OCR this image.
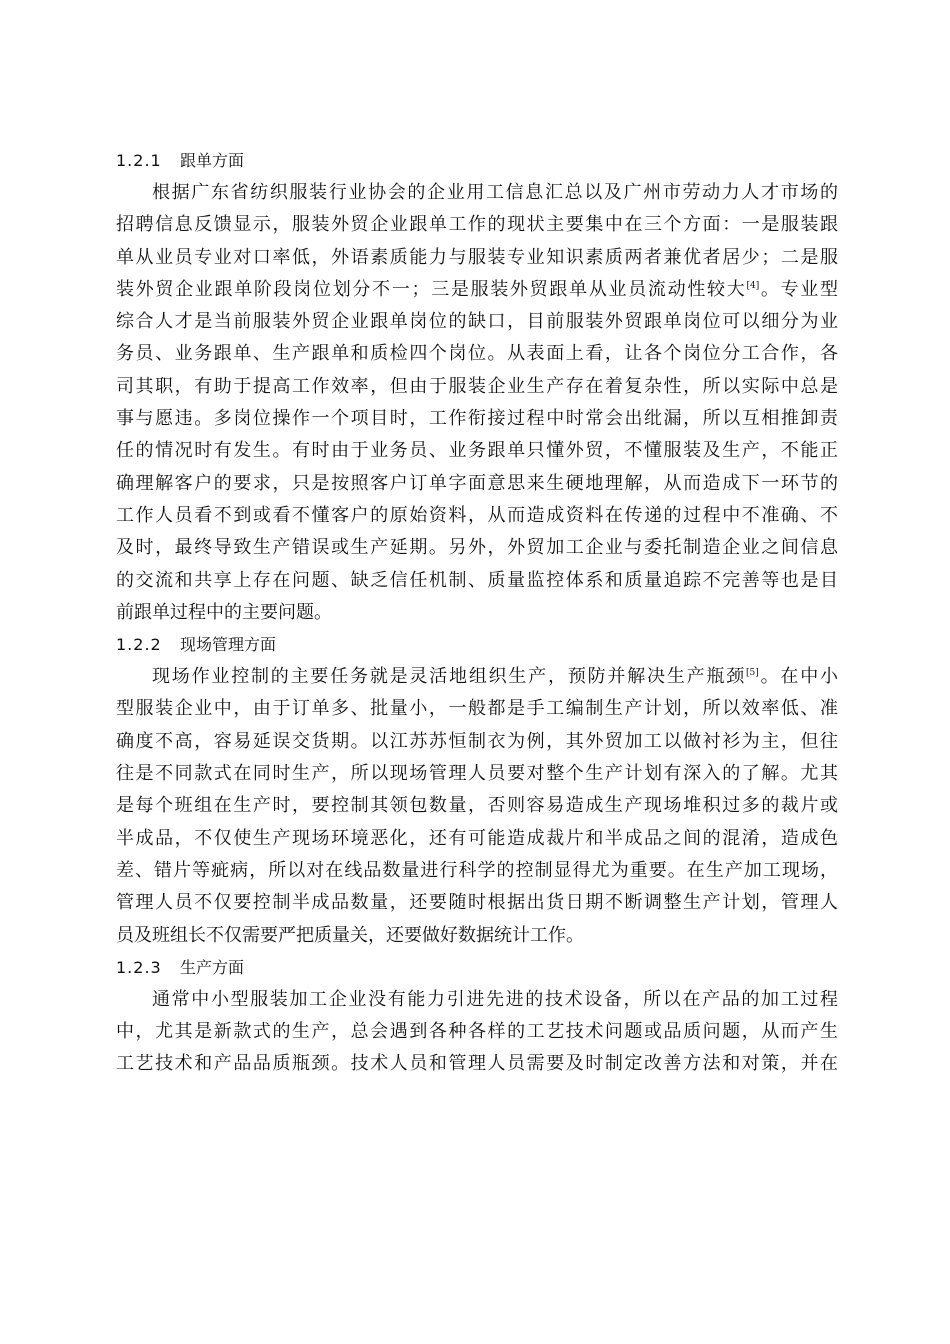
1.2.1 跟单方面
根据广东省纺织服装行业协会的企业用工信息汇总以及广州市劳动力人才市场的
招聘信息反馈显示，服装外贸企业跟单工作的现状主要集中在三个方面：一是服装跟
单从业员专业对口率低，外语素质能力与服装专业知识素质两者兼优者居少；二是服
装外贸企业跟单阶段岗位划分不一；三是服装外贸跟单从业员流动性较大[4]。专业型
综合人才是当前服装外贸企业跟单岗位的缺口，目前服装外贸跟单岗位可以细分为业
务员、业务跟单、生产跟单和质检四个岗位。从表面上看，让各个岗位分工合作，各
司其职，有助于提高工作效率，但由于服装企业生产存在着复杂性，所以实际中总是
事与愿违。多岗位操作一个项目时，工作衔接过程中时常会出纰漏，所以互相推卸责
任的情况时有发生。有时由于业务员、业务跟单只懂外贸，不懂服装及生产，不能正
确理解客户的要求，只是按照客户订单字面意思来生硬地理解，从而造成下一环节的
工作人员看不到或看不懂客户的原始资料，从而造成资料在传递的过程中不准确、不
及时，最终导致生产错误或生产延期。另外，外贸加工企业与委托制造企业之间信息
的交流和共享上存在问题、缺乏信任机制、质量监控体系和质量追踪不完善等也是目
前跟单过程中的主要问题。
1.2.2 现场管理方面
现场作业控制的主要任务就是灵活地组织生产，预防并解决生产瓶颈[5]。在中小
型服装企业中，由于订单多、批量小，一般都是手工编制生产计划，所以效率低、准
确度不高，容易延误交货期。以江苏苏恒制衣为例，其外贸加工以做衬衫为主，但往
往是不同款式在同时生产，所以现场管理人员要对整个生产计划有深入的了解。尤其
是每个班组在生产时，要控制其领包数量，否则容易造成生产现场堆积过多的裁片或
半成品，不仅使生产现场环境恶化，还有可能造成裁片和半成品之间的混淆，造成色
差、错片等疵病，所以对在线品数量进行科学的控制显得尤为重要。在生产加工现场，
管理人员不仅要控制半成品数量，还要随时根据出货日期不断调整生产计划，管理人
员及班组长不仅需要严把质量关，还要做好数据统计工作。
1.2.3 生产方面
通常中小型服装加工企业没有能力引进先进的技术设备，所以在产品的加工过程
中，尤其是新款式的生产，总会遇到各种各样的工艺技术问题或品质问题，从而产生
工艺技术和产品品质瓶颈。技术人员和管理人员需要及时制定改善方法和对策，并在
